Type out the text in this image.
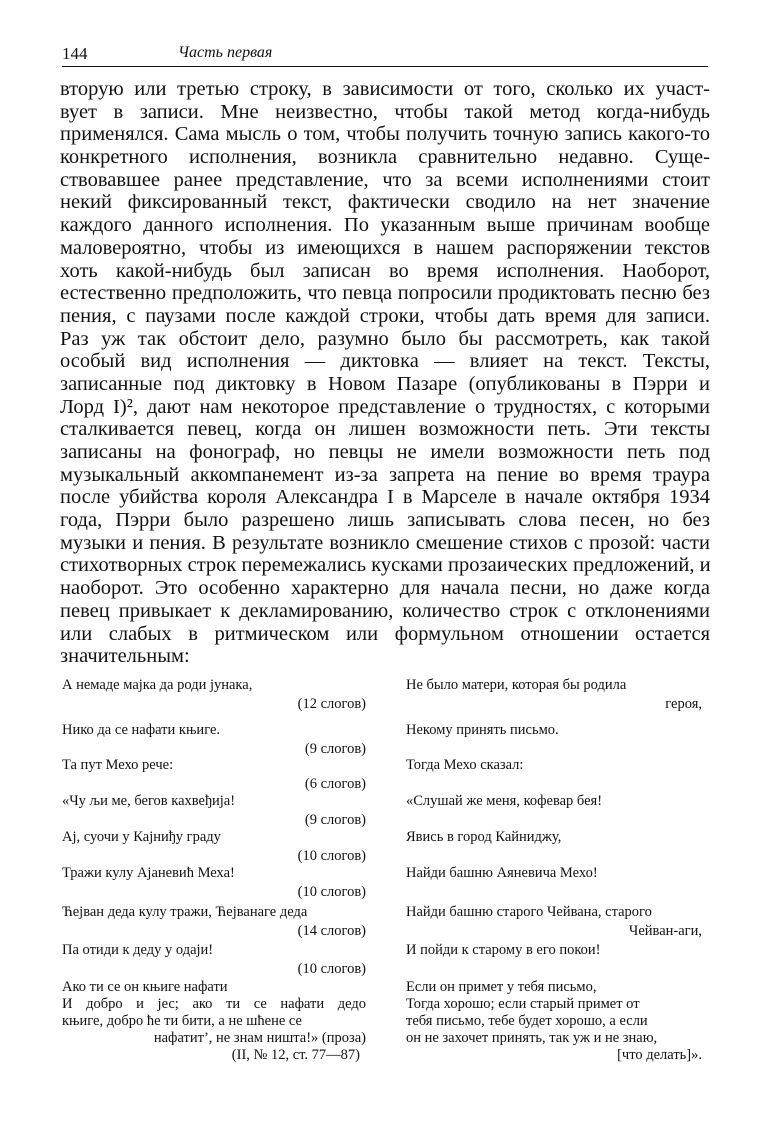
144	Часть первая
вторую или третью строку, в зависимости от того, сколько их участ-
вует в записи. Мне неизвестно, чтобы такой метод когда-нибудь
применялся. Сама мысль о том, чтобы получить точную запись какого-то
конкретного исполнения, возникла сравнительно недавно. Суще-
ствовавшее ранее представление, что за всеми исполнениями стоит
некий фиксированный текст, фактически сводило на нет значение
каждого данного исполнения. По указанным выше причинам вообще
маловероятно, чтобы из имеющихся в нашем распоряжении текстов
хоть какой-нибудь был записан во время исполнения. Наоборот,
естественно предположить, что певца попросили продиктовать песню без
пения, с паузами после каждой строки, чтобы дать время для записи.
Раз уж так обстоит дело, разумно было бы рассмотреть, как такой
особый вид исполнения — диктовка — влияет на текст. Тексты,
записанные под диктовку в Новом Пазаре (опубликованы в Пэрри и
Лорд I)², дают нам некоторое представление о трудностях, с которыми
сталкивается певец, когда он лишен возможности петь. Эти тексты
записаны на фонограф, но певцы не имели возможности петь под
музыкальный аккомпанемент из-за запрета на пение во время траура
после убийства короля Александра I в Марселе в начале октября 1934
года, Пэрри было разрешено лишь записывать слова песен, но без
музыки и пения. В результате возникло смешение стихов с прозой: части
стихотворных строк перемежались кусками прозаических предложений, и
наоборот. Это особенно характерно для начала песни, но даже когда
певец привыкает к декламированию, количество строк с отклонениями
или слабых в ритмическом или формульном отношении остается
значительным:
А немаде мајка да роди јунака,
(12 слогов)
Нико да се нафати књиге.
(9 слогов)
Та пут Мехо рече:
(6 слогов)
«Чу љи ме, бегов кахвеђија!
(9 слогов)
Ај, суочи у Кајниђу граду
(10 слогов)
Тражи кулу Ајаневић Меха!
(10 слогов)
Ћејван деда кулу тражи, Ћејванаге деда
(14 слогов)
Па отиди к деду у одаји!
(10 слогов)
Ако ти се он књиге нафати
И добро и јес; ако ти се нафати дедо
књиге, добро ће ти бити, а не шћене се
нафатит’, не знам ништа!» (проза)
(II, № 12, ст. 77—87)
Не было матери, которая бы родила
героя,
Некому принять письмо.
Тогда Мехо сказал:
«Слушай же меня, кофевар бея!
Явись в город Кайниджу,
Найди башню Аяневича Мехо!
Найди башню старого Чейвана, старого
Чейван-аги,
И пойди к старому в его покои!
Если он примет у тебя письмо,
Тогда хорошо; если старый примет от
тебя письмо, тебе будет хорошо, а если
он не захочет принять, так уж и не знаю,
[что делать]».
